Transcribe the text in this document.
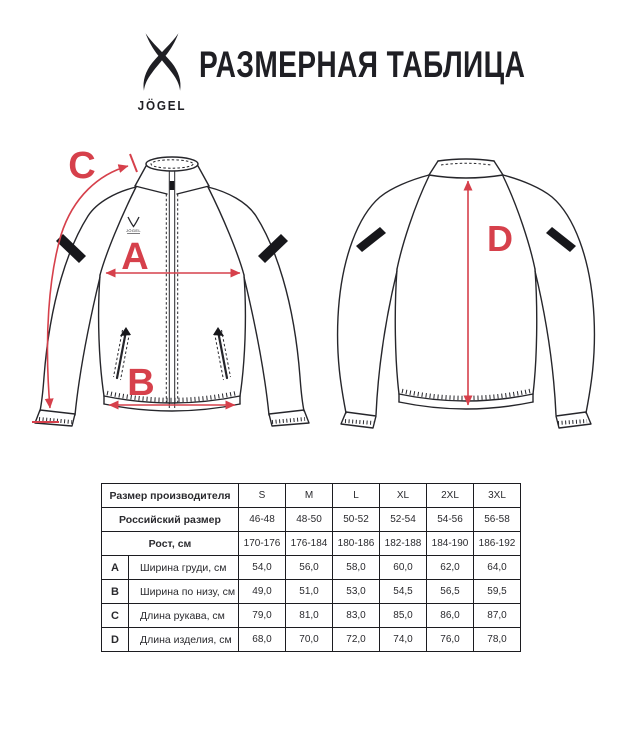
JÖGEL
РАЗМЕРНАЯ ТАБЛИЦА
JÖGEL
A
B
C
D
Размер производителя		S	M	L	XL	2XL	3XL
Российский размер		46-48	48-50	50-52	52-54	54-56	56-58
Рост, см		170-176	176-184	180-186	182-188	184-190	186-192
A	Ширина груди, см	54,0	56,0	58,0	60,0	62,0	64,0
B	Ширина по низу, см	49,0	51,0	53,0	54,5	56,5	59,5
C	Длина рукава, см	79,0	81,0	83,0	85,0	86,0	87,0
D	Длина изделия, см	68,0	70,0	72,0	74,0	76,0	78,0
